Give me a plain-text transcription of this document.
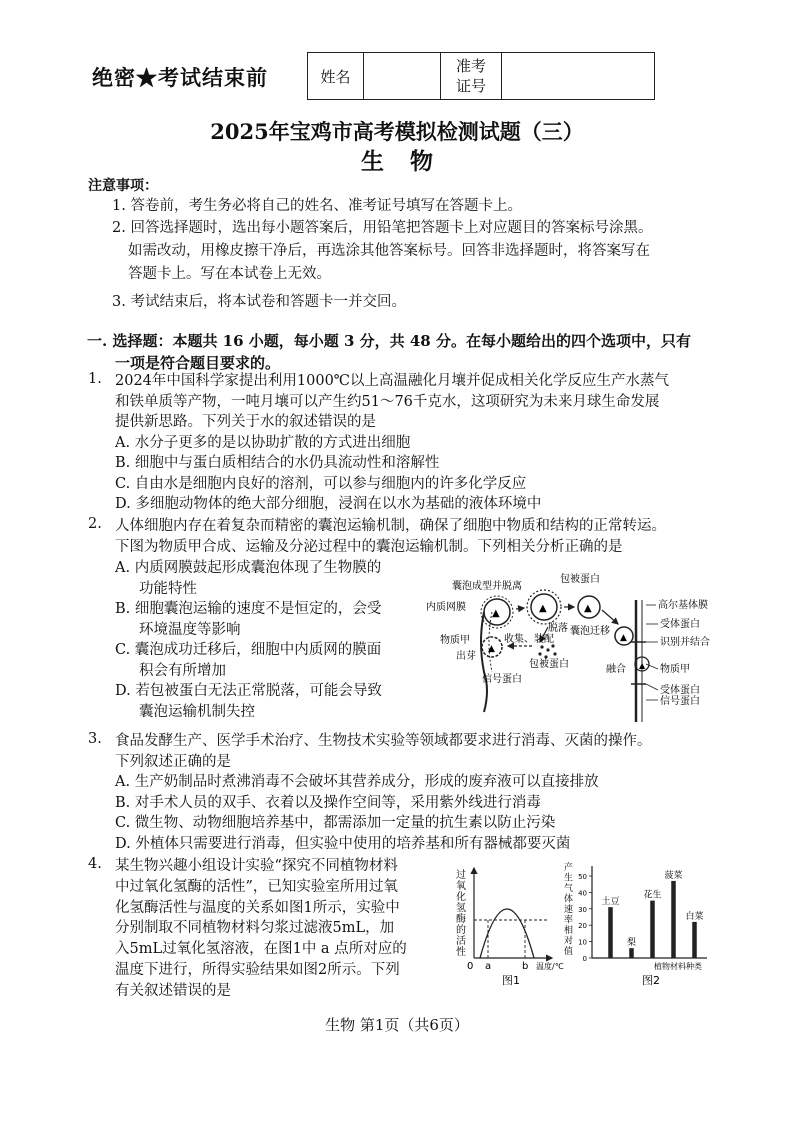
绝密★考试结束前	姓名		
准考
证号

2025年宝鸡市高考模拟检测试题（三）
生物
注意事项：
1. 答卷前，考生务必将自己的姓名、准考证号填写在答题卡上。
2. 回答选择题时，选出每小题答案后，用铅笔把答题卡上对应题目的答案标号涂黑。
如需改动，用橡皮擦干净后，再选涂其他答案标号。回答非选择题时，将答案写在
答题卡上。写在本试卷上无效。
3. 考试结束后，将本试卷和答题卡一并交回。
一. 选择题：本题共 16 小题，每小题 3 分，共 48 分。在每小题给出的四个选项中，只有
一项是符合题目要求的。
1. 2024年中国科学家提出利用1000℃以上高温融化月壤并促成相关化学反应生产水蒸气
和铁单质等产物，一吨月壤可以产生约51～76千克水，这项研究为未来月球生命发展
提供新思路。下列关于水的叙述错误的是
A. 水分子更多的是以协助扩散的方式进出细胞
B. 细胞中与蛋白质相结合的水仍具流动性和溶解性
C. 自由水是细胞内良好的溶剂，可以参与细胞内的许多化学反应
D. 多细胞动物体的绝大部分细胞，浸润在以水为基础的液体环境中
2. 人体细胞内存在着复杂而精密的囊泡运输机制，确保了细胞中物质和结构的正常转运。
下图为物质甲合成、运输及分泌过程中的囊泡运输机制。下列相关分析正确的是
A. 内质网膜鼓起形成囊泡体现了生物膜的
功能特性
B. 细胞囊泡运输的速度不是恒定的，会受
环境温度等影响
C. 囊泡成功迁移后，细胞中内质网的膜面
积会有所增加
D. 若包被蛋白无法正常脱落，可能会导致
囊泡运输机制失控
▲
▲	▲	▲
▲
▲
囊泡成型并脱离
包被蛋白
内质网膜	高尔基体膜
受体蛋白
囊泡迁移
识别并结合
脱落
收集、装配
物质甲
出芽
物质甲
包被蛋白	融合
受体蛋白
信号蛋白
信号蛋白
3. 食品发酵生产、医学手术治疗、生物技术实验等领域都要求进行消毒、灭菌的操作。
下列叙述正确的是
A. 生产奶制品时煮沸消毒不会破坏其营养成分，形成的废弃液可以直接排放
B. 对手术人员的双手、衣着以及操作空间等，采用紫外线进行消毒
C. 微生物、动物细胞培养基中，都需添加一定量的抗生素以防止污染
D. 外植体只需要进行消毒，但实验中使用的培养基和所有器械都要灭菌
4. 某生物兴趣小组设计实验“探究不同植物材料
中过氧化氢酶的活性”，已知实验室所用过氧
化氢酶活性与温度的关系如图1所示，实验中
分别制取不同植物材料匀浆过滤液5mL，加
入5mL过氧化氢溶液，在图1中 a 点所对应的
温度下进行，所得实验结果如图2所示。下列
有关叙述错误的是
过
氧
化
氢
酶
的
活
性
0 a	b 温度/℃
图1
产
生
气
体
速
率
相
对
值
0
10
20
30
40
50
土豆
梨
花生
菠菜
白菜
植物材料种类
图2
生物 第1页（共6页）
